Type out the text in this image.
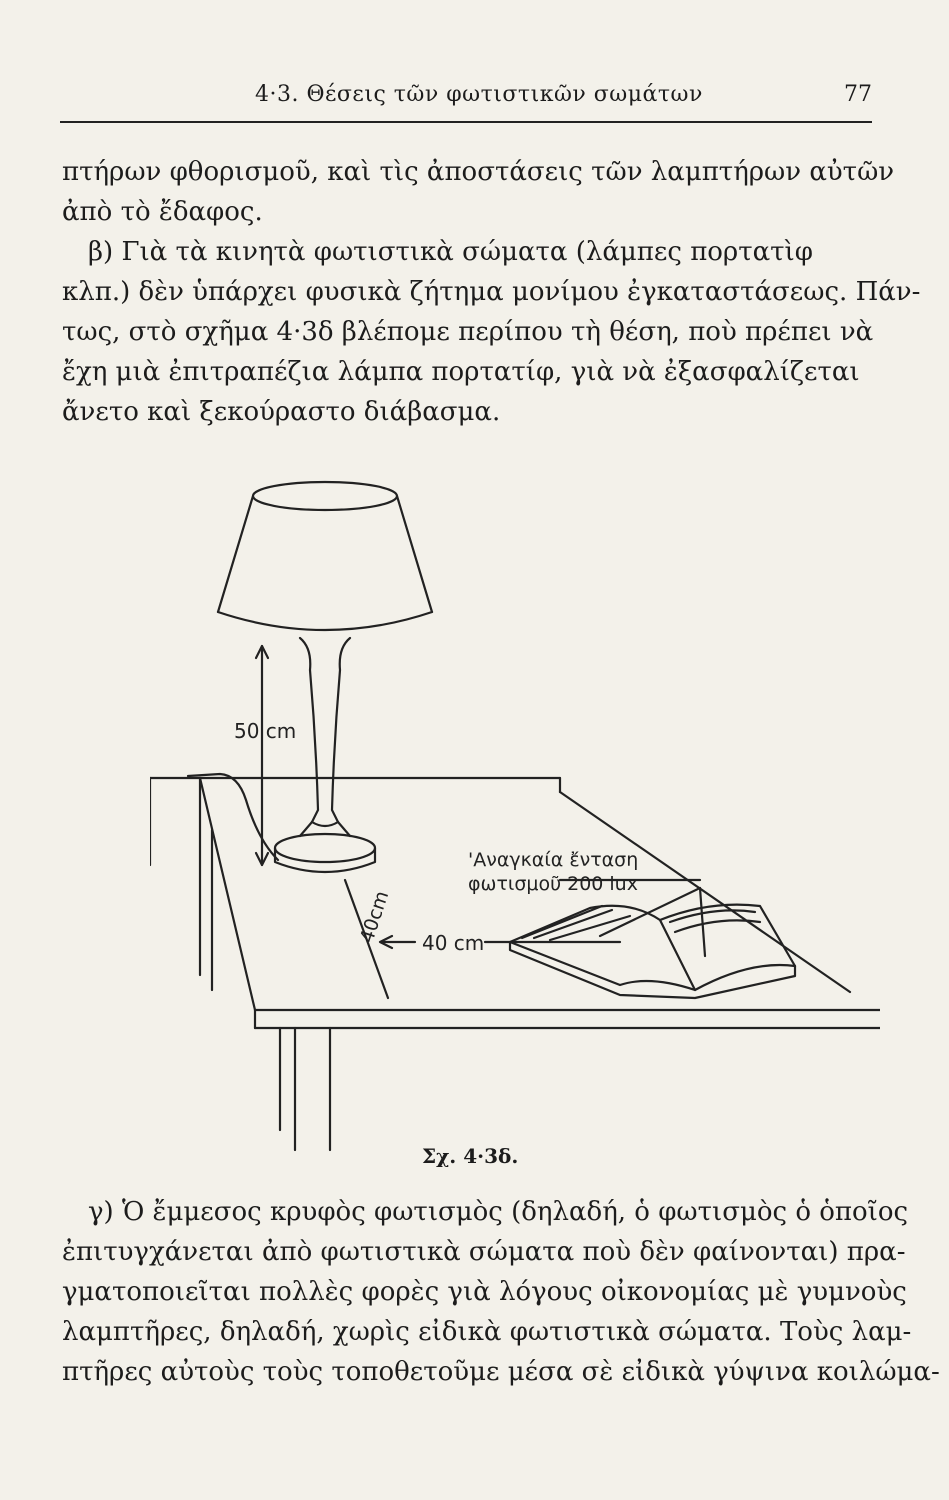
4·3. Θέσεις τῶν φωτιστικῶν σωμάτων	77
πτήρων φθορισμοῦ, καὶ τὶς ἀποστάσεις τῶν λαμπτήρων αὐτῶν
ἀπὸ τὸ ἔδαφος.
β) Γιὰ τὰ κινητὰ φωτιστικὰ σώματα (λάμπες πορτατὶφ
κλπ.) δὲν ὑπάρχει φυσικὰ ζήτημα μονίμου ἐγκαταστάσεως. Πάν-
τως, στὸ σχῆμα 4·3δ βλέπομε περίπου τὴ θέση, ποὺ πρέπει νὰ
ἔχη μιὰ ἐπιτραπέζια λάμπα πορτατίφ, γιὰ νὰ ἐξασφαλίζεται
ἄνετο καὶ ξεκούραστο διάβασμα.
50 cm
40cm 40 cm
'Αναγκαία ἔνταση
φωτισμοῦ 200 lux
Σχ. 4·3δ.
γ) Ὁ ἔμμεσος κρυφὸς φωτισμὸς (δηλαδή, ὁ φωτισμὸς ὁ ὁποῖος
ἐπιτυγχάνεται ἀπὸ φωτιστικὰ σώματα ποὺ δὲν φαίνονται) πρα-
γματοποιεῖται πολλὲς φορὲς γιὰ λόγους οἰκονομίας μὲ γυμνοὺς
λαμπτῆρες, δηλαδή, χωρὶς εἰδικὰ φωτιστικὰ σώματα. Τοὺς λαμ-
πτῆρες αὐτοὺς τοὺς τοποθετοῦμε μέσα σὲ εἰδικὰ γύψινα κοιλώμα-
